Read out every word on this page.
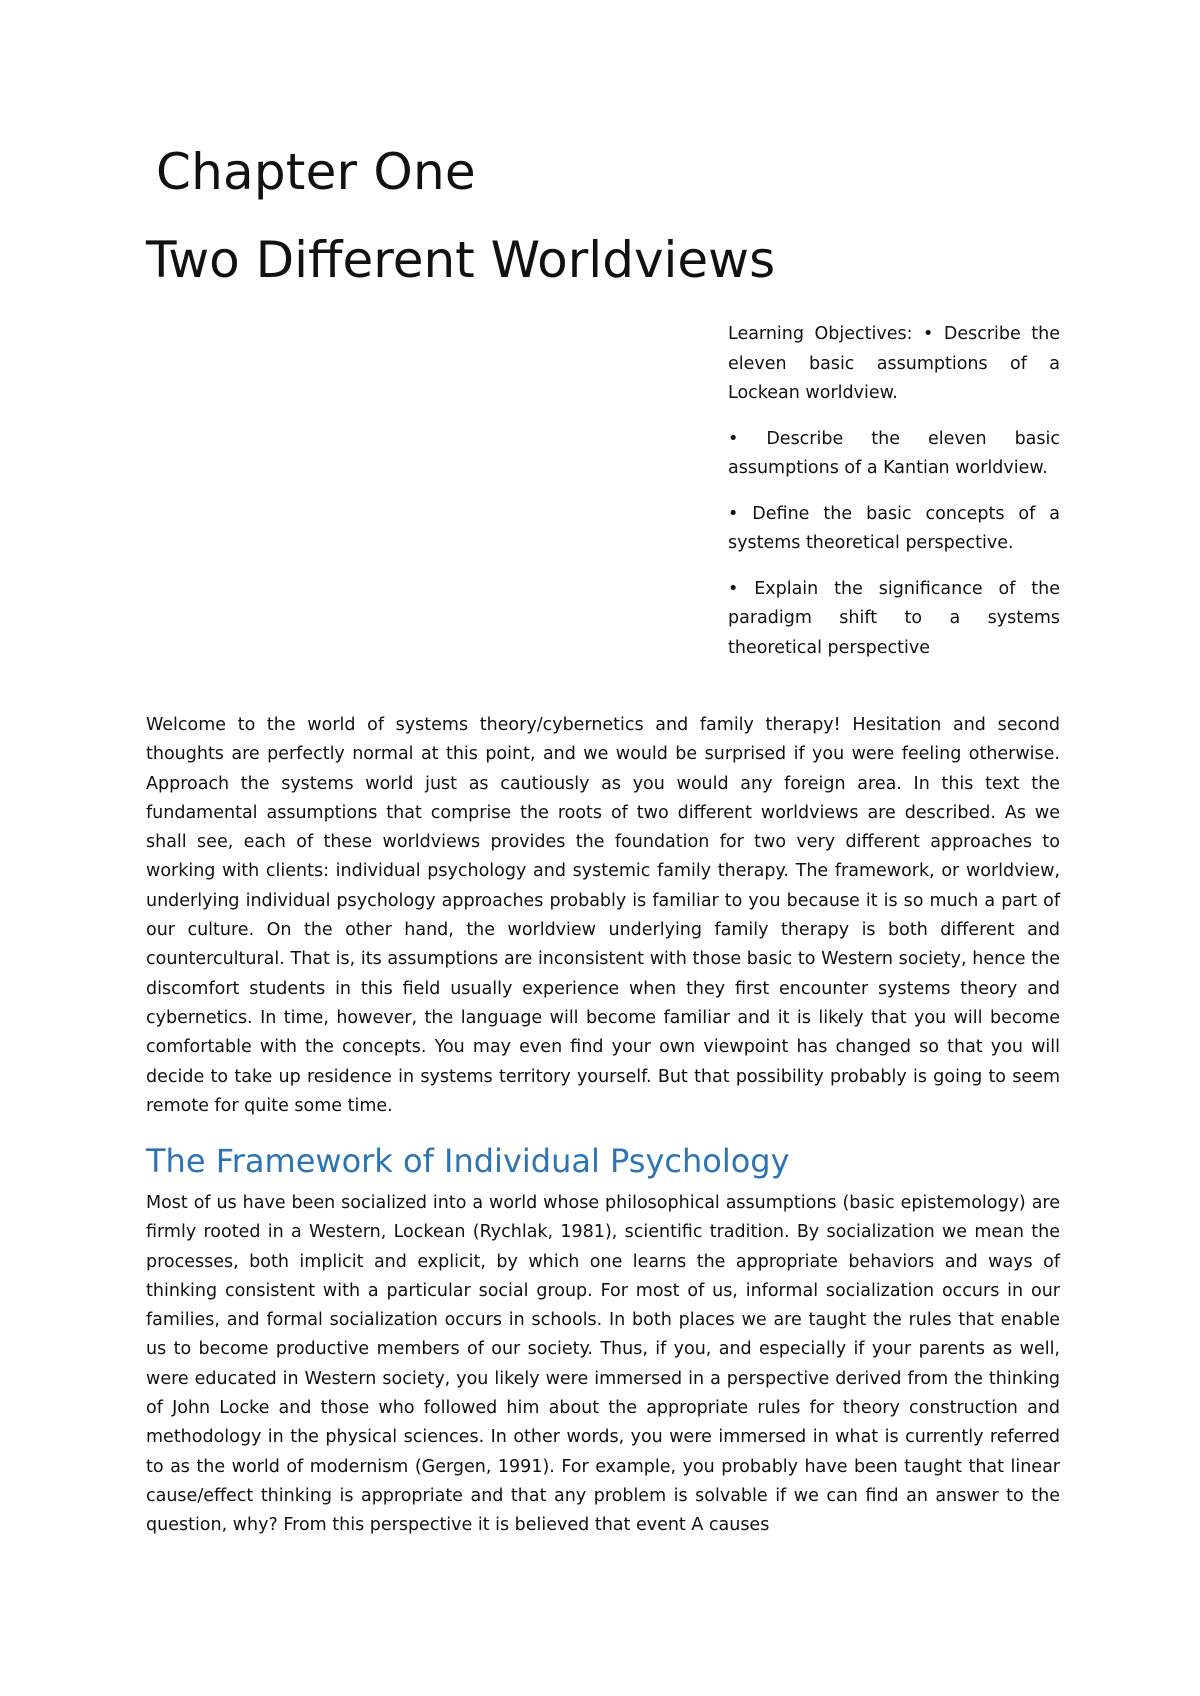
Chapter One
Two Different Worldviews

Learning Objectives: • Describe the eleven basic assumptions of a Lockean worldview.

• Describe the eleven basic assumptions of a Kantian worldview.

• Define the basic concepts of a systems theoretical perspective.

• Explain the significance of the paradigm shift to a systems theoretical perspective

Welcome to the world of systems theory/cybernetics and family therapy! Hesitation and second thoughts are perfectly normal at this point, and we would be surprised if you were feeling otherwise. Approach the systems world just as cautiously as you would any foreign area. In this text the fundamental assumptions that comprise the roots of two different worldviews are described. As we shall see, each of these worldviews provides the foundation for two very different approaches to working with clients: individual psychology and systemic family therapy. The framework, or worldview, underlying individual psychology approaches probably is familiar to you because it is so much a part of our culture. On the other hand, the worldview underlying family therapy is both different and countercultural. That is, its assumptions are inconsistent with those basic to Western society, hence the discomfort students in this field usually experience when they first encounter systems theory and cybernetics. In time, however, the language will become familiar and it is likely that you will become comfortable with the concepts. You may even find your own viewpoint has changed so that you will decide to take up residence in systems territory yourself. But that possibility probably is going to seem remote for quite some time.

The Framework of Individual Psychology

Most of us have been socialized into a world whose philosophical assumptions (basic epistemology) are firmly rooted in a Western, Lockean (Rychlak, 1981), scientific tradition. By socialization we mean the processes, both implicit and explicit, by which one learns the appropriate behaviors and ways of thinking consistent with a particular social group. For most of us, informal socialization occurs in our families, and formal socialization occurs in schools. In both places we are taught the rules that enable us to become productive members of our society. Thus, if you, and especially if your parents as well, were educated in Western society, you likely were immersed in a perspective derived from the thinking of John Locke and those who followed him about the appropriate rules for theory construction and methodology in the physical sciences. In other words, you were immersed in what is currently referred to as the world of modernism (Gergen, 1991). For example, you probably have been taught that linear cause/effect thinking is appropriate and that any problem is solvable if we can find an answer to the question, why? From this perspective it is believed that event A causes
